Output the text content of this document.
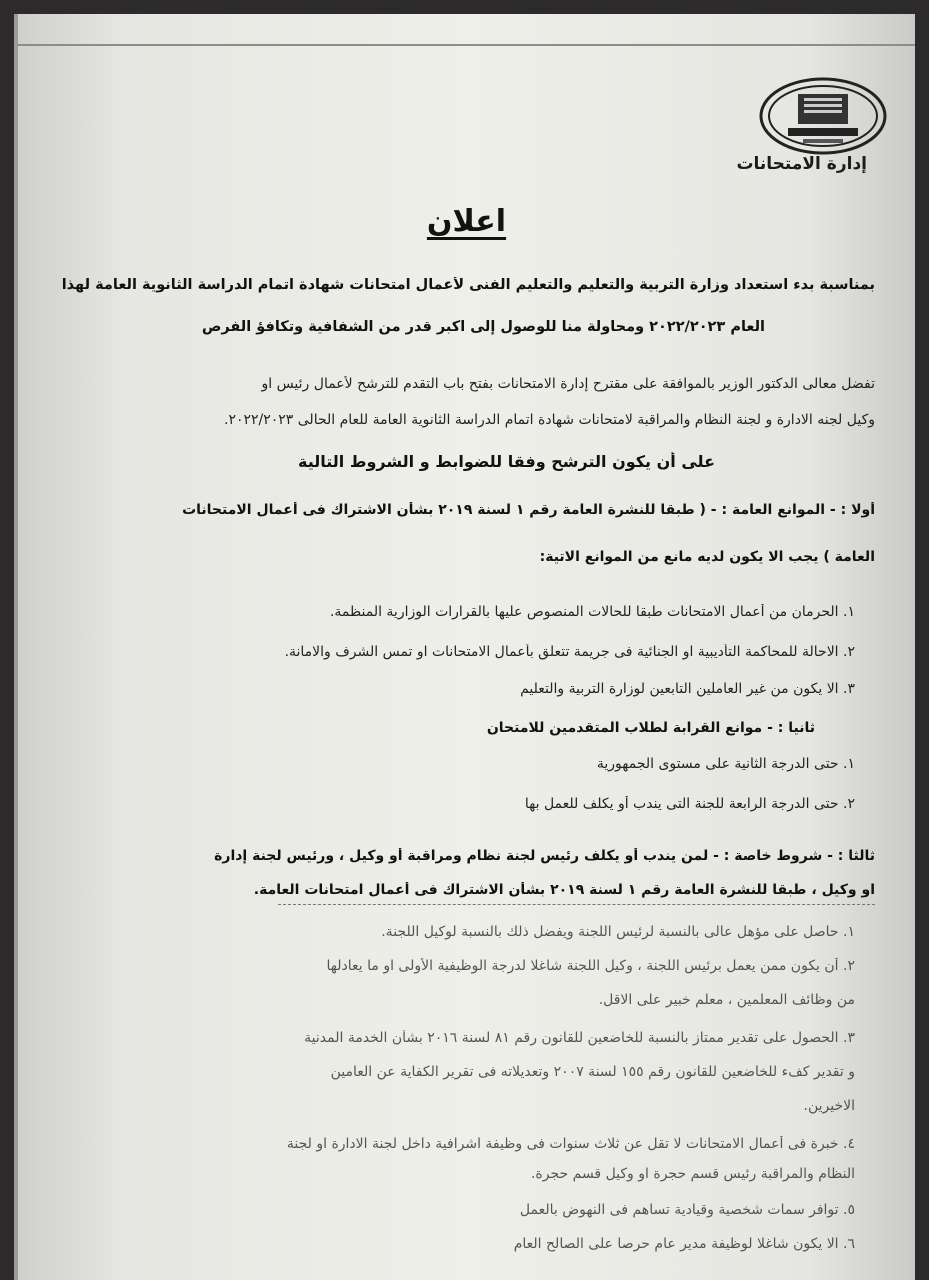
إدارة الامتحانات
اعلان
بمناسبة بدء استعداد وزارة التربية والتعليم والتعليم الفنى لأعمال امتحانات شهادة اتمام الدراسة الثانوية العامة لهذا
العام ٢٠٢٢/٢٠٢٣ ومحاولة منا للوصول إلى اكبر قدر من الشفافية وتكافؤ الفرص
تفضل معالى الدكتور الوزير بالموافقة على مقترح إدارة الامتحانات بفتح باب التقدم للترشح لأعمال رئيس او
وكيل لجنه الادارة و لجنة النظام والمراقبة لامتحانات شهادة اتمام الدراسة الثانوية العامة للعام الحالى ٢٠٢٢/٢٠٢٣.
على أن يكون الترشح وفقا للضوابط و الشروط التالية
أولا : - الموانع العامة : - ( طبقا للنشرة العامة رقم ١ لسنة ٢٠١٩ بشأن الاشتراك فى أعمال الامتحانات
العامة ) يجب الا يكون لديه مانع من الموانع الاتية:
١. الحرمان من أعمال الامتحانات طبقا للحالات المنصوص عليها بالقرارات الوزارية المنظمة.
٢. الاحالة للمحاكمة التأديبية او الجنائية فى جريمة تتعلق بأعمال الامتحانات او تمس الشرف والامانة.
٣. الا يكون من غير العاملين التابعين لوزارة التربية والتعليم
ثانيا : - موانع القرابة لطلاب المتقدمين للامتحان
١. حتى الدرجة الثانية على مستوى الجمهورية
٢. حتى الدرجة الرابعة للجنة التى يندب أو يكلف للعمل بها
ثالثا : - شروط خاصة : - لمن يندب أو يكلف رئيس لجنة نظام ومراقبة أو وكيل ، ورئيس لجنة إدارة
او وكيل ، طبقا للنشرة العامة رقم ١ لسنة ٢٠١٩ بشأن الاشتراك فى أعمال امتحانات العامة.
١. حاصل على مؤهل عالى بالنسبة لرئيس اللجنة ويفضل ذلك بالنسبة لوكيل اللجنة.
٢. أن يكون ممن يعمل برئيس اللجنة ، وكيل اللجنة شاغلا لدرجة الوظيفية الأولى او ما يعادلها
من وظائف المعلمين ، معلم خبير على الاقل.
٣. الحصول على تقدير ممتاز بالنسبة للخاضعين للقانون رقم ٨١ لسنة ٢٠١٦ بشأن الخدمة المدنية
و تقدير كفء للخاضعين للقانون رقم ١٥٥ لسنة ٢٠٠٧ وتعديلاته فى تقرير الكفاية عن العامين
الاخيرين.
٤. خبرة فى أعمال الامتحانات لا تقل عن ثلاث سنوات فى وظيفة اشرافية داخل لجنة الادارة او لجنة
النظام والمراقبة رئيس قسم حجرة او وكيل قسم حجرة.
٥. توافر سمات شخصية وقيادية تساهم فى النهوض بالعمل
٦. الا يكون شاغلا لوظيفة مدير عام حرصا على الصالح العام
